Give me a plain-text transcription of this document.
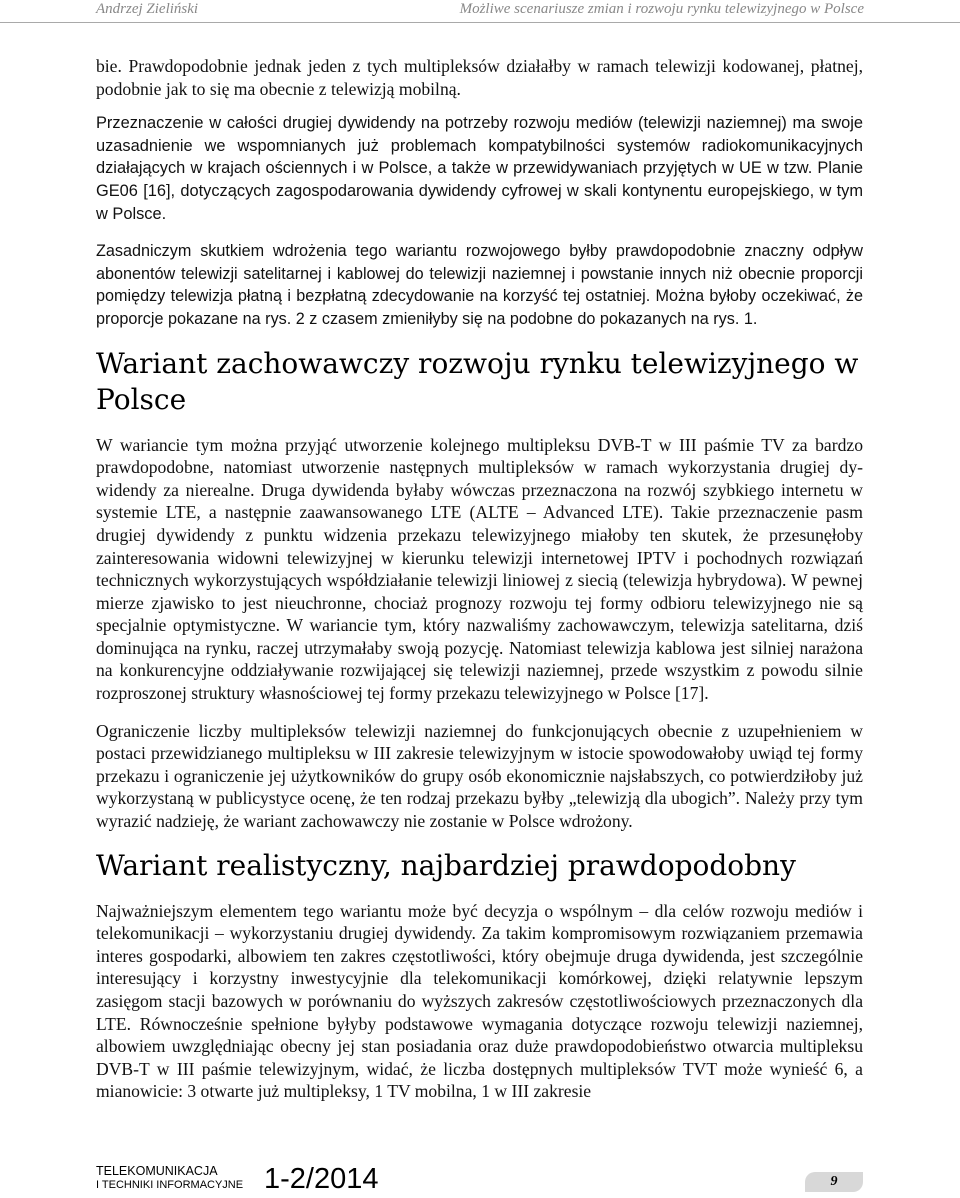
Andrzej Zieliński	Możliwe scenariusze zmian i rozwoju rynku telewizyjnego w Polsce

bie. Prawdopodobnie jednak jeden z tych multipleksów działałby w ramach telewizji kodowanej, płatnej, podobnie jak to się ma obecnie z telewizją mobilną.

Przeznaczenie w całości drugiej dywidendy na potrzeby rozwoju mediów (telewizji naziemnej) ma swoje uzasadnienie we wspomnianych już problemach kompatybilności systemów radiokomunikacyjnych działających w krajach ościennych i w Polsce, a także w przewidywaniach przyjętych w UE w tzw. Planie GE06 [16], dotyczących zagospodarowania dywidendy cyfrowej w skali kontynentu europejskiego, w tym w Polsce.

Zasadniczym skutkiem wdrożenia tego wariantu rozwojowego byłby prawdopodobnie znaczny odpływ abonentów telewizji satelitarnej i kablowej do telewizji naziemnej i powstanie innych niż obecnie proporcji pomiędzy telewizja płatną i bezpłatną zdecydowanie na korzyść tej ostatniej. Można byłoby oczekiwać, że proporcje pokazane na rys. 2 z czasem zmieniłyby się na podobne do pokazanych na rys. 1.

Wariant zachowawczy rozwoju rynku telewizyjnego w Polsce

W wariancie tym można przyjąć utworzenie kolejnego multipleksu DVB-T w III paśmie TV za bardzo prawdopodobne, natomiast utworzenie następnych multipleksów w ramach wykorzystania drugiej dywidendy za nierealne. Druga dywidenda byłaby wówczas przeznaczona na rozwój szybkiego internetu w systemie LTE, a następnie zaawansowanego LTE (ALTE – Advanced LTE). Takie przeznaczenie pasm drugiej dywidendy z punktu widzenia przekazu telewizyjnego miałoby ten skutek, że przesunęłoby zainteresowania widowni telewizyjnej w kierunku telewizji internetowej IPTV i pochodnych rozwiązań technicznych wykorzystujących współdziałanie telewizji liniowej z siecią (telewizja hybrydowa). W pewnej mierze zjawisko to jest nieuchronne, chociaż prognozy rozwoju tej formy odbioru telewizyjnego nie są specjalnie optymistyczne. W wariancie tym, który nazwaliśmy zachowawczym, telewizja satelitarna, dziś dominująca na rynku, raczej utrzymałaby swoją pozycję. Natomiast telewizja kablowa jest silniej narażona na konkurencyjne oddziaływanie rozwijającej się telewizji naziemnej, przede wszystkim z powodu silnie rozproszonej struktury własnościowej tej formy przekazu telewizyjnego w Polsce [17].

Ograniczenie liczby multipleksów telewizji naziemnej do funkcjonujących obecnie z uzupełnieniem w postaci przewidzianego multipleksu w III zakresie telewizyjnym w istocie spowodowałoby uwiąd tej formy przekazu i ograniczenie jej użytkowników do grupy osób ekonomicznie najsłabszych, co potwierdziłoby już wykorzystaną w publicystyce ocenę, że ten rodzaj przekazu byłby „telewizją dla ubogich”. Należy przy tym wyrazić nadzieję, że wariant zachowawczy nie zostanie w Polsce wdrożony.

Wariant realistyczny, najbardziej prawdopodobny

Najważniejszym elementem tego wariantu może być decyzja o wspólnym – dla celów rozwoju mediów i telekomunikacji – wykorzystaniu drugiej dywidendy. Za takim kompromisowym rozwiązaniem przemawia interes gospodarki, albowiem ten zakres częstotliwości, który obejmuje druga dywidenda, jest szczególnie interesujący i korzystny inwestycyjnie dla telekomunikacji komórkowej, dzięki relatywnie lepszym zasięgom stacji bazowych w porównaniu do wyższych zakresów częstotliwościowych przeznaczonych dla LTE. Równocześnie spełnione byłyby podstawowe wymagania dotyczące rozwoju telewizji naziemnej, albowiem uwzględniając obecny jej stan posiadania oraz duże prawdopodobieństwo otwarcia multipleksu DVB-T w III paśmie telewizyjnym, widać, że liczba dostępnych multipleksów TVT może wynieść 6, a mianowicie: 3 otwarte już multipleksy, 1 TV mobilna, 1 w III zakresie

TELEKOMUNIKACJA
I TECHNIKI INFORMACYJNE 1-2/2014	9
